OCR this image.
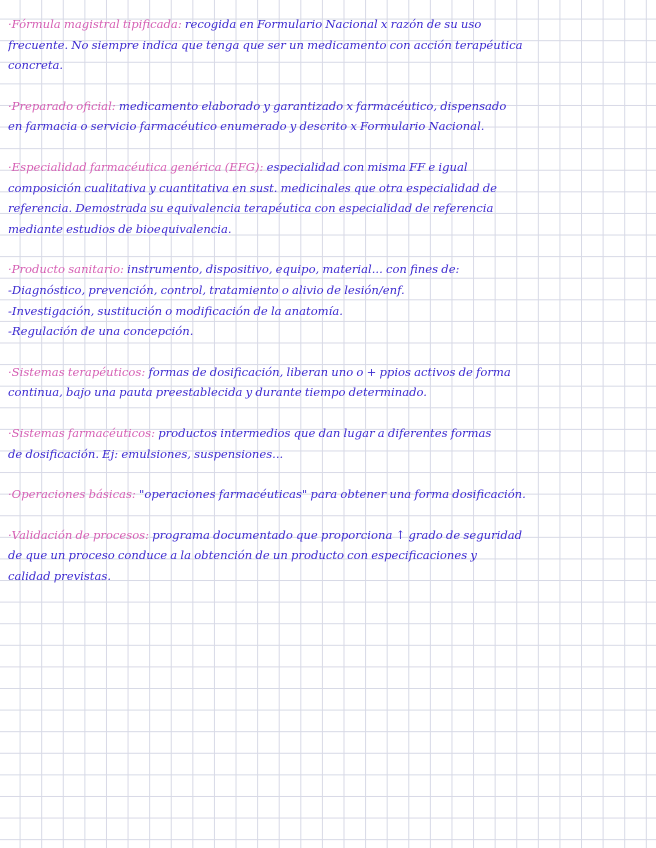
·Fórmula magistral tipificada: recogida en Formulario Nacional x razón de su uso
frecuente. No siempre indica que tenga que ser un medicamento con acción terapéutica
concreta.
·Preparado oficial: medicamento elaborado y garantizado x farmacéutico, dispensado
en farmacia o servicio farmacéutico enumerado y descrito x Formulario Nacional.
·Especialidad farmacéutica genérica (EFG): especialidad con misma FF e igual
composición cualitativa y cuantitativa en sust. medicinales que otra especialidad de
referencia. Demostrada su equivalencia terapéutica con especialidad de referencia
mediante estudios de bioequivalencia.
·Producto sanitario: instrumento, dispositivo, equipo, material... con fines de:
-Diagnóstico, prevención, control, tratamiento o alivio de lesión/enf.
-Investigación, sustitución o modificación de la anatomía.
-Regulación de una concepción.
·Sistemas terapéuticos: formas de dosificación, liberan uno o + ppios activos de forma
continua, bajo una pauta preestablecida y durante tiempo determinado.
·Sistemas farmacéuticos: productos intermedios que dan lugar a diferentes formas
de dosificación. Ej: emulsiones, suspensiones...
·Operaciones básicas: "operaciones farmacéuticas" para obtener una forma dosificación.
·Validación de procesos: programa documentado que proporciona ↑ grado de seguridad
de que un proceso conduce a la obtención de un producto con especificaciones y
calidad previstas.
